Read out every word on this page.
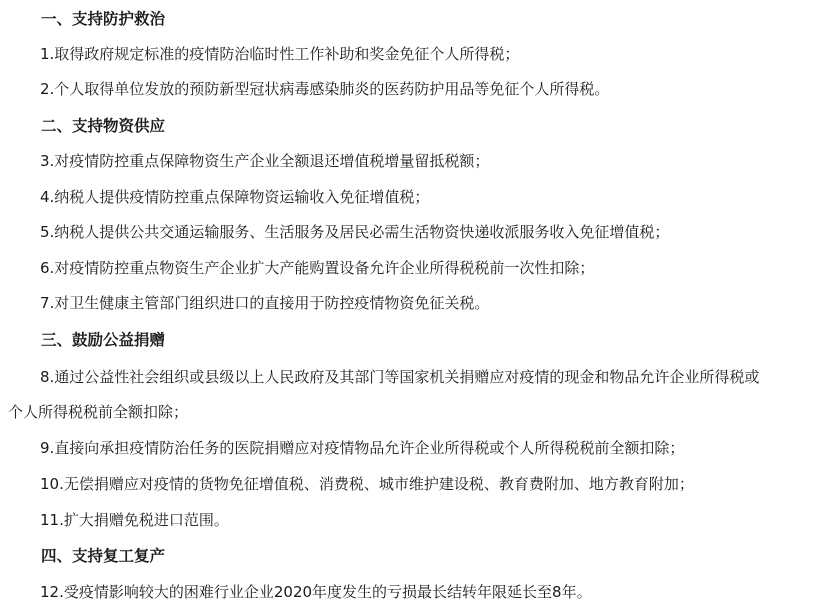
一、支持防护救治
1.取得政府规定标准的疫情防治临时性工作补助和奖金免征个人所得税；
2.个人取得单位发放的预防新型冠状病毒感染肺炎的医药防护用品等免征个人所得税。
二、支持物资供应
3.对疫情防控重点保障物资生产企业全额退还增值税增量留抵税额；
4.纳税人提供疫情防控重点保障物资运输收入免征增值税；
5.纳税人提供公共交通运输服务、生活服务及居民必需生活物资快递收派服务收入免征增值税；
6.对疫情防控重点物资生产企业扩大产能购置设备允许企业所得税税前一次性扣除；
7.对卫生健康主管部门组织进口的直接用于防控疫情物资免征关税。
三、鼓励公益捐赠
8.通过公益性社会组织或县级以上人民政府及其部门等国家机关捐赠应对疫情的现金和物品允许企业所得税或
个人所得税税前全额扣除；
9.直接向承担疫情防治任务的医院捐赠应对疫情物品允许企业所得税或个人所得税税前全额扣除；
10.无偿捐赠应对疫情的货物免征增值税、消费税、城市维护建设税、教育费附加、地方教育附加；
11.扩大捐赠免税进口范围。
四、支持复工复产
12.受疫情影响较大的困难行业企业2020年度发生的亏损最长结转年限延长至8年。
